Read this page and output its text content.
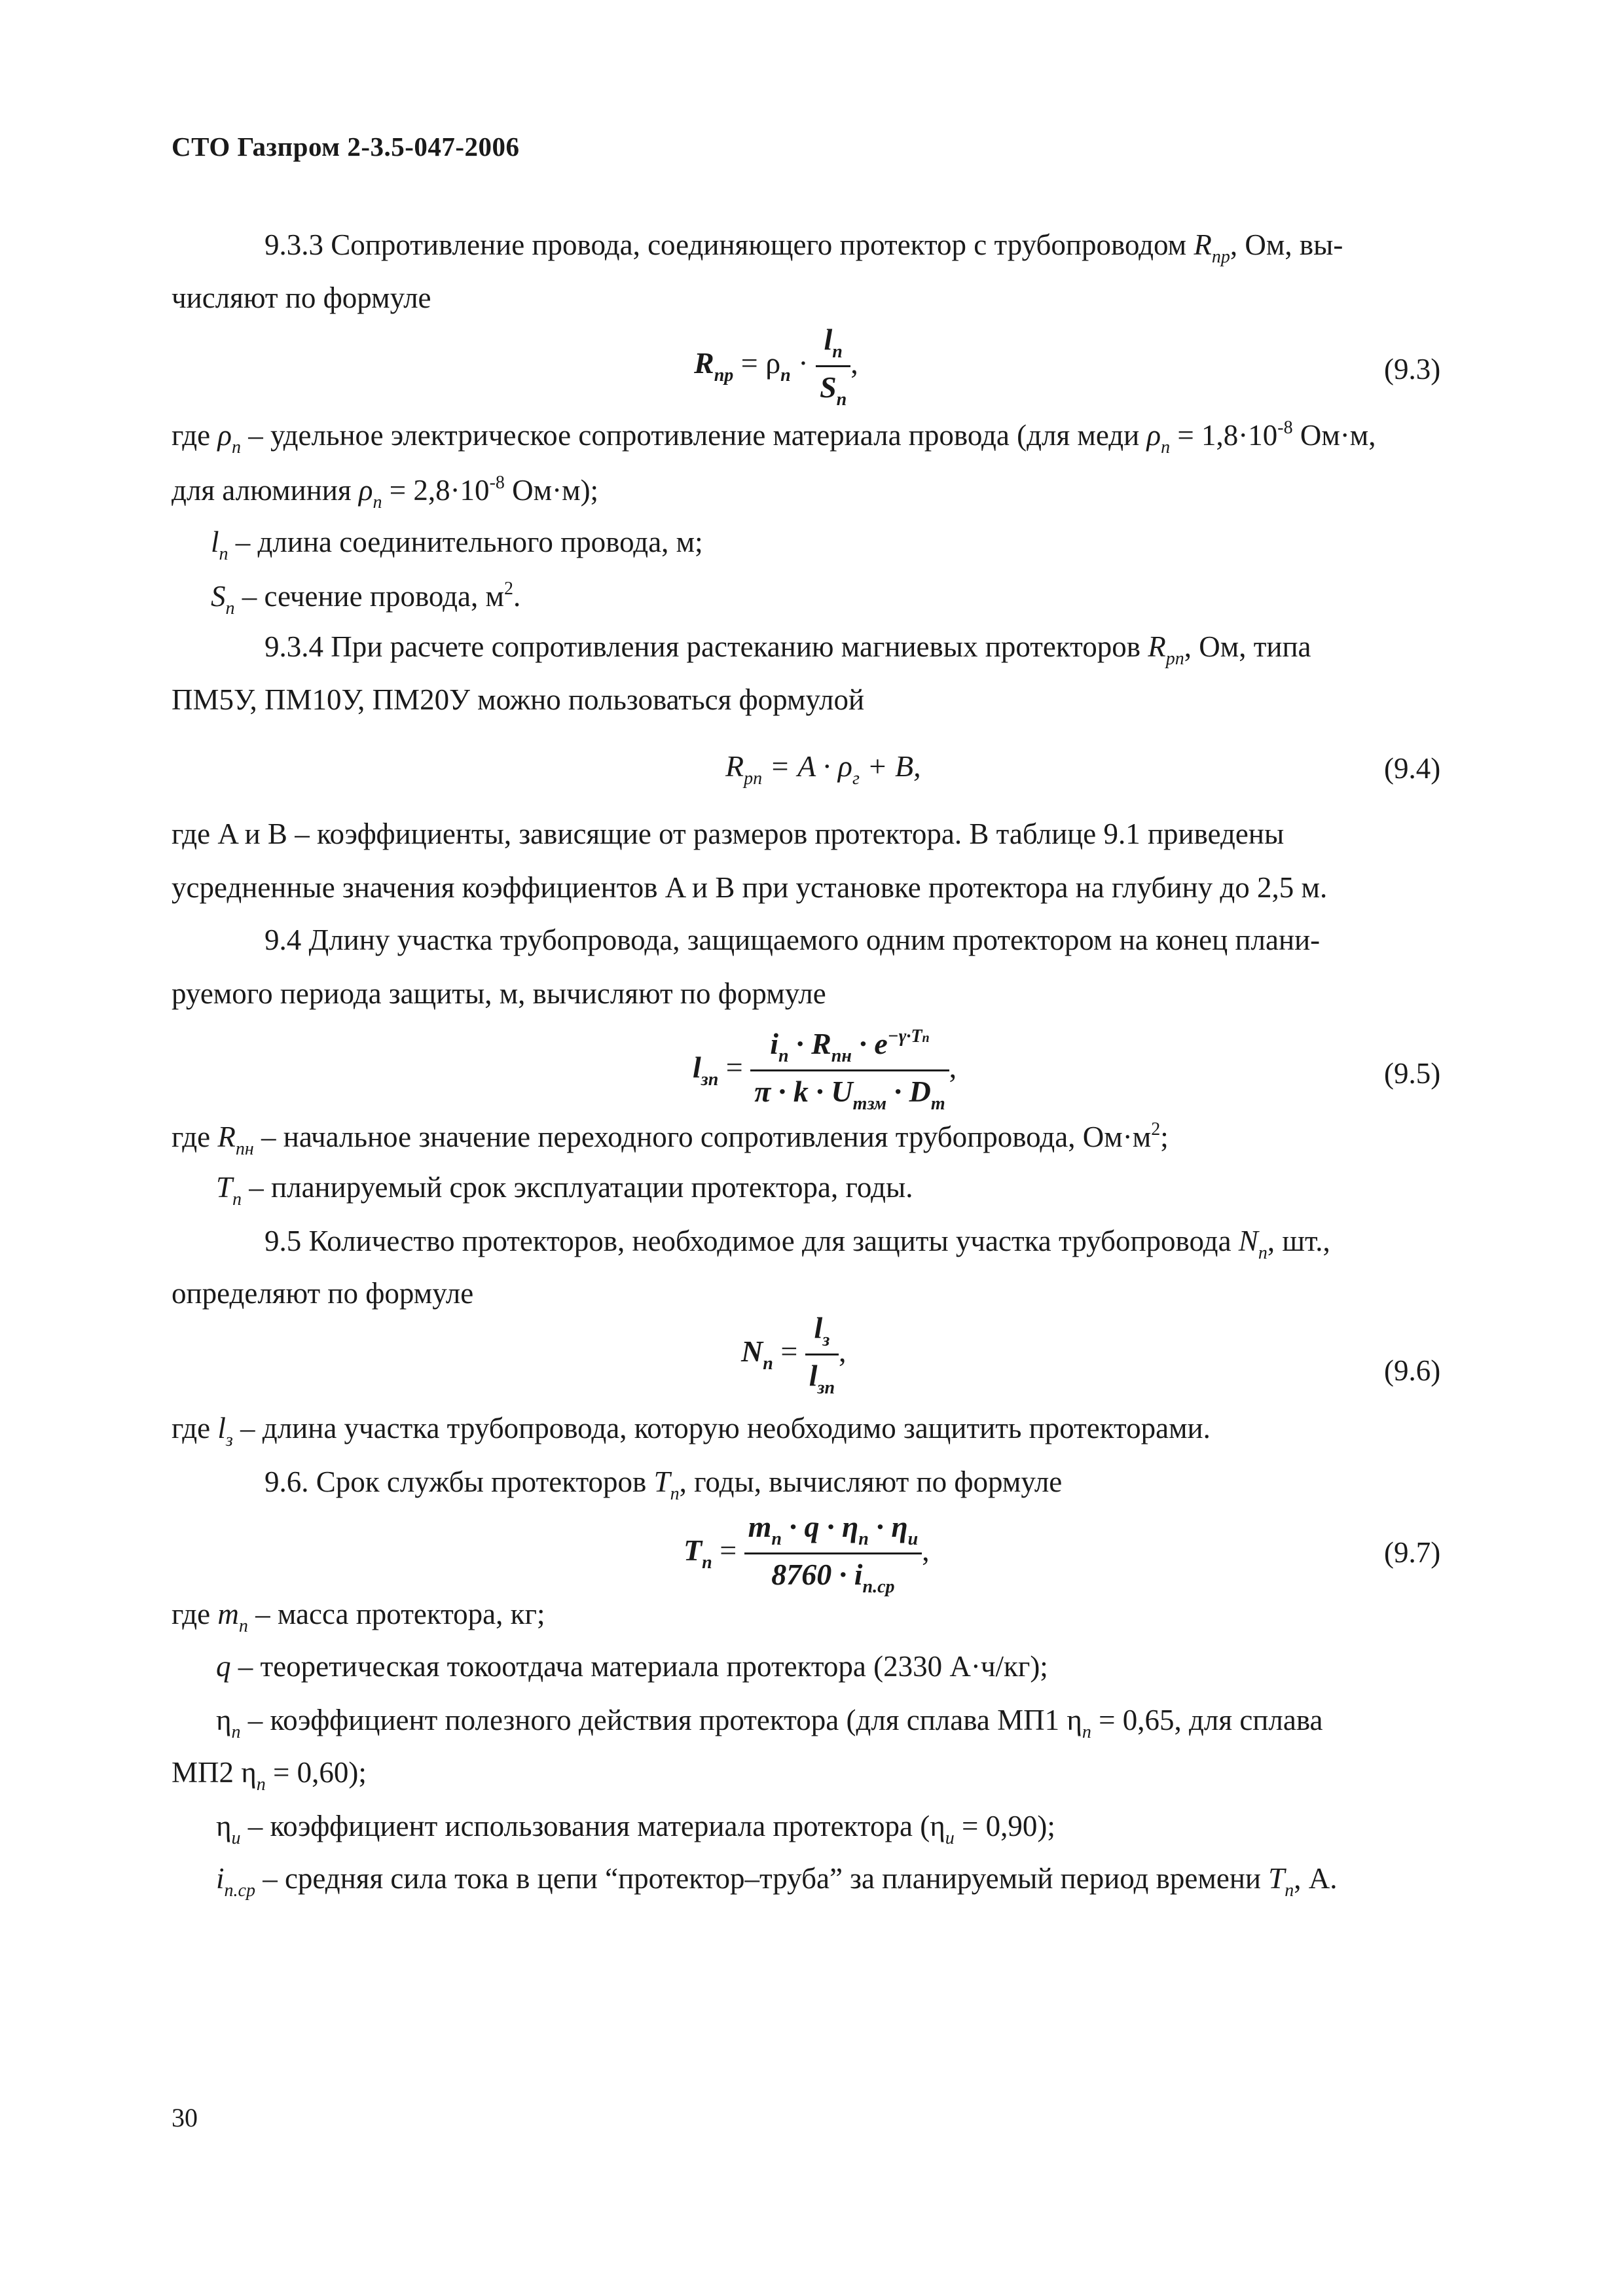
СТО Газпром 2-3.5-047-2006
9.3.3 Сопротивление провода, соединяющего протектор с трубопроводом $R_{пр}$, Ом, вы-
числяют по формуле
$R_{пр} = \rho_п \cdot \frac{l_п}{S_п}$ ,	(9.3)
где $\rho_п$ – удельное электрическое сопротивление материала провода (для меди $\rho_п = 1,8\cdot 10^{-8}$ Ом·м,
для алюминия $\rho_п = 2,8\cdot 10^{-8}$ Ом·м);
$l_п$ – длина соединительного провода, м;
$S_п$ – сечение провода, $м^2$.
9.3.4 При расчете сопротивления растеканию магниевых протекторов $R_{рп}$, Ом, типа
ПМ5У, ПМ10У, ПМ20У можно пользоваться формулой
$R_{рп} = A \cdot \rho_г + B$,	(9.4)
где A и B – коэффициенты, зависящие от размеров протектора. В таблице 9.1 приведены
усредненные значения коэффициентов A и B при установке протектора на глубину до 2,5 м.
9.4 Длину участка трубопровода, защищаемого одним протектором на конец плани-
руемого периода защиты, м, вычисляют по формуле
$l_{зп} = \frac{i_п \cdot R_{пн} \cdot e^{-\gamma\cdot Tп}}{\pi \cdot k \cdot U_{тзм} \cdot D_т}$ ,	(9.5)
где $R_{пн}$ – начальное значение переходного сопротивления трубопровода, $Ом\cdot м^2$;
$T_п$ – планируемый срок эксплуатации протектора, годы.
9.5 Количество протекторов, необходимое для защиты участка трубопровода $N_п$, шт.,
определяют по формуле
$N_п = \frac{l_з}{l_{зп}}$ ,
(9.6)
где $l_з$ – длина участка трубопровода, которую необходимо защитить протекторами.
9.6. Срок службы протекторов $T_п$, годы, вычисляют по формуле
$T_п = \frac{m_п \cdot q \cdot \eta_п \cdot \eta_и}{8760 \cdot i_{п.ср}}$ ,	(9.7)
где $m_п$ – масса протектора, кг;
q – теоретическая токоотдача материала протектора (2330 А·ч/кг);
$\eta_п$ – коэффициент полезного действия протектора (для сплава МП1 $\eta_п = 0,65$, для сплава
МП2 $\eta_п = 0,60$);
$\eta_u$ – коэффициент использования материала протектора $(\eta_u = 0,90)$;
$i_{п.ср}$ – средняя сила тока в цепи “протектор–труба” за планируемый период времени $T_п$, А.
30
